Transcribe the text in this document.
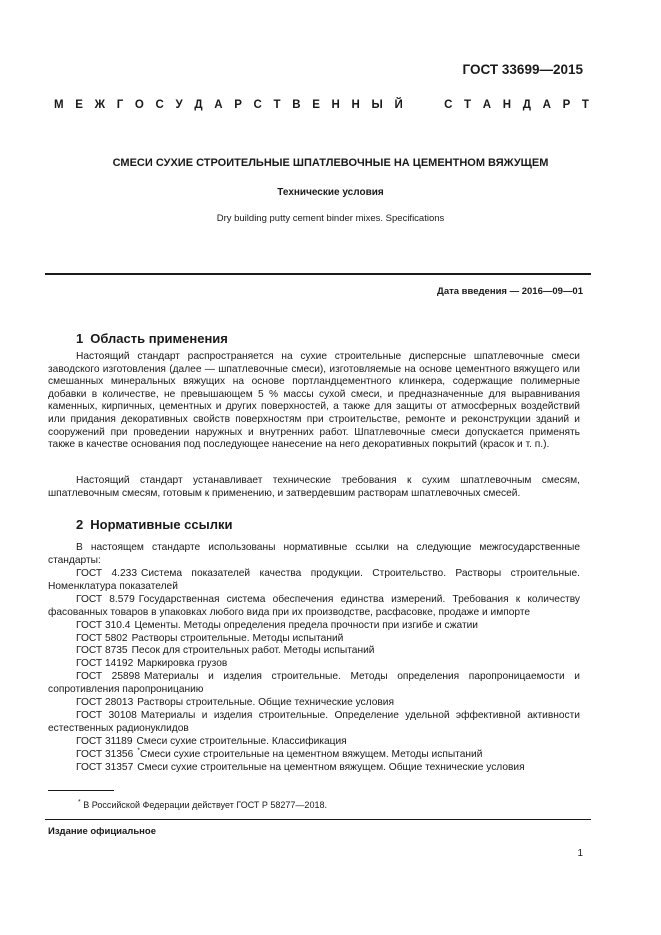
ГОСТ 33699—2015
М Е Ж Г О С У Д А Р С Т В Е Н Н Ы Й	С Т А Н Д А Р Т
СМЕСИ СУХИЕ СТРОИТЕЛЬНЫЕ ШПАТЛЕВОЧНЫЕ НА ЦЕМЕНТНОМ ВЯЖУЩЕМ
Технические условия
Dry building putty cement binder mixes. Specifications
Дата введения — 2016—09—01
1 Область применения
Настоящий стандарт распространяется на сухие строительные дисперсные шпатлевочные смеси заводского изготовления (далее — шпатлевочные смеси), изготовляемые на основе цементного вяжущего или смешанных минеральных вяжущих на основе портландцементного клинкера, содержащие полимерные добавки в количестве, не превышающем 5 % массы сухой смеси, и предназначенные для выравнивания каменных, кирпичных, цементных и других поверхностей, а также для защиты от атмосферных воздействий или придания декоративных свойств поверхностям при строительстве, ремонте и реконструкции зданий и сооружений при проведении наружных и внутренних работ. Шпатлевочные смеси допускается применять также в качестве основания под последующее нанесение на него декоративных покрытий (красок и т. п.).
Настоящий стандарт устанавливает технические требования к сухим шпатлевочным смесям, шпатлевочным смесям, готовым к применению, и затвердевшим растворам шпатлевочных смесей.
2 Нормативные ссылки
В настоящем стандарте использованы нормативные ссылки на следующие межгосударственные стандарты:
ГОСТ 4.233 Система показателей качества продукции. Строительство. Растворы строительные. Номенклатура показателей
ГОСТ 8.579 Государственная система обеспечения единства измерений. Требования к количеству фасованных товаров в упаковках любого вида при их производстве, расфасовке, продаже и импорте
ГОСТ 310.4 Цементы. Методы определения предела прочности при изгибе и сжатии
ГОСТ 5802 Растворы строительные. Методы испытаний
ГОСТ 8735 Песок для строительных работ. Методы испытаний
ГОСТ 14192 Маркировка грузов
ГОСТ 25898 Материалы и изделия строительные. Методы определения паропроницаемости и сопротивления паропроницанию
ГОСТ 28013 Растворы строительные. Общие технические условия
ГОСТ 30108 Материалы и изделия строительные. Определение удельной эффективной активности естественных радионуклидов
ГОСТ 31189 Смеси сухие строительные. Классификация
ГОСТ 31356 *Смеси сухие строительные на цементном вяжущем. Методы испытаний
ГОСТ 31357 Смеси сухие строительные на цементном вяжущем. Общие технические условия
* В Российской Федерации действует ГОСТ Р 58277—2018.
Издание официальное
1
